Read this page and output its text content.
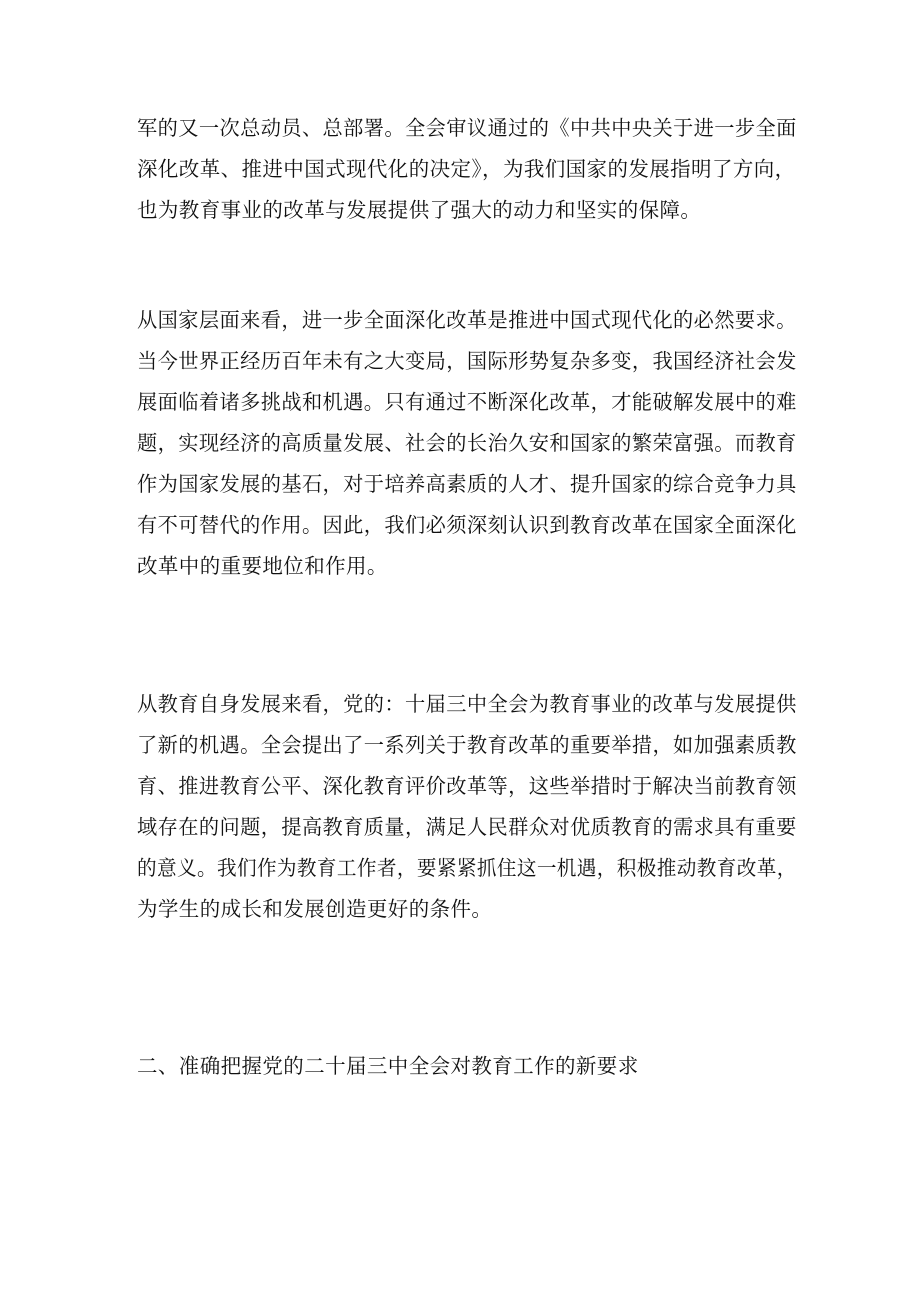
军的又一次总动员、总部署。全会审议通过的《中共中央关于进一步全面
深化改革、推进中国式现代化的决定》，为我们国家的发展指明了方向，
也为教育事业的改革与发展提供了强大的动力和坚实的保障。
从国家层面来看，进一步全面深化改革是推进中国式现代化的必然要求。
当今世界正经历百年未有之大变局，国际形势复杂多变，我国经济社会发
展面临着诸多挑战和机遇。只有通过不断深化改革，才能破解发展中的难
题，实现经济的高质量发展、社会的长治久安和国家的繁荣富强。而教育
作为国家发展的基石，对于培养高素质的人才、提升国家的综合竞争力具
有不可替代的作用。因此，我们必须深刻认识到教育改革在国家全面深化
改革中的重要地位和作用。
从教育自身发展来看，党的：十届三中全会为教育事业的改革与发展提供
了新的机遇。全会提出了一系列关于教育改革的重要举措，如加强素质教
育、推进教育公平、深化教育评价改革等，这些举措时于解决当前教育领
域存在的问题，提高教育质量，满足人民群众对优质教育的需求具有重要
的意义。我们作为教育工作者，要紧紧抓住这一机遇，积极推动教育改革，
为学生的成长和发展创造更好的条件。
二、准确把握党的二十届三中全会对教育工作的新要求
